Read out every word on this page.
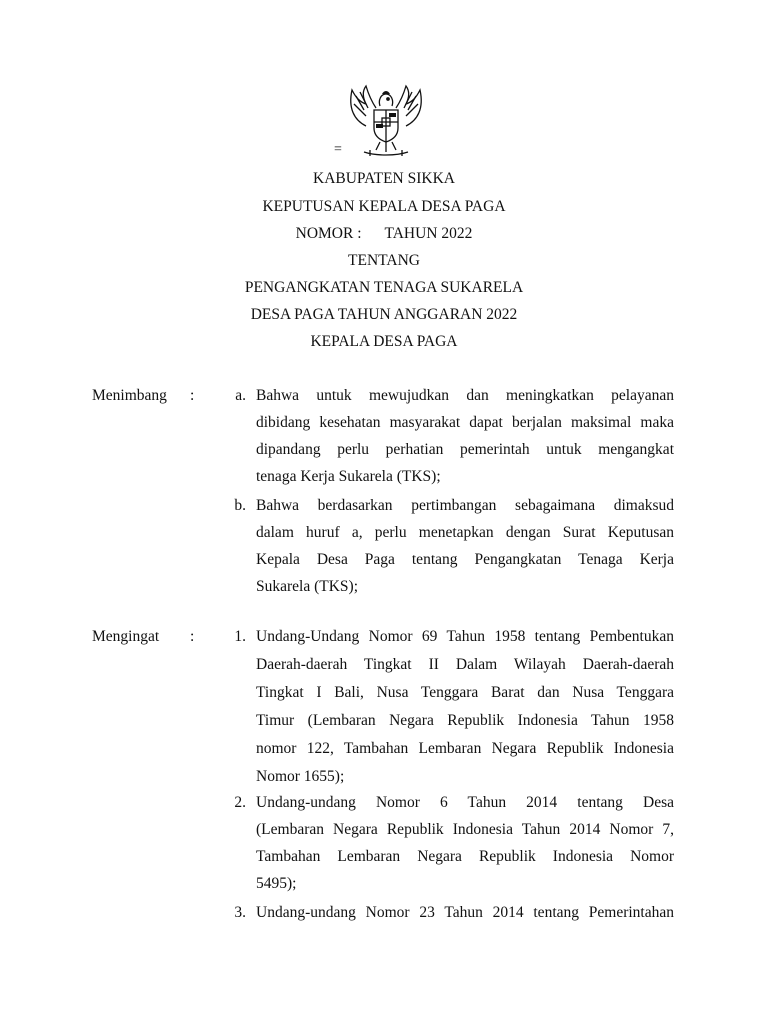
=
KABUPATEN SIKKA
KEPUTUSAN KEPALA DESA PAGA
NOMOR :      TAHUN 2022
TENTANG
PENGANGKATAN TENAGA SUKARELA
DESA PAGA TAHUN ANGGARAN 2022
KEPALA DESA PAGA
Menimbang :	a. Bahwa untuk mewujudkan dan meningkatkan pelayanan
dibidang kesehatan masyarakat dapat berjalan maksimal maka
dipandang perlu perhatian pemerintah untuk mengangkat
tenaga Kerja Sukarela (TKS);
b. Bahwa berdasarkan pertimbangan sebagaimana dimaksud
dalam huruf a, perlu menetapkan dengan Surat Keputusan
Kepala Desa Paga tentang Pengangkatan Tenaga Kerja
Sukarela (TKS);
Mengingat :	1. Undang-Undang Nomor 69 Tahun 1958 tentang Pembentukan
Daerah-daerah Tingkat II Dalam Wilayah Daerah-daerah
Tingkat I Bali, Nusa Tenggara Barat dan Nusa Tenggara
Timur (Lembaran Negara Republik Indonesia Tahun 1958
nomor 122, Tambahan Lembaran Negara Republik Indonesia
Nomor 1655);
2. Undang-undang Nomor 6 Tahun 2014 tentang Desa
(Lembaran Negara Republik Indonesia Tahun 2014 Nomor 7,
Tambahan Lembaran Negara Republik Indonesia Nomor
5495);
3. Undang-undang Nomor 23 Tahun 2014 tentang Pemerintahan
